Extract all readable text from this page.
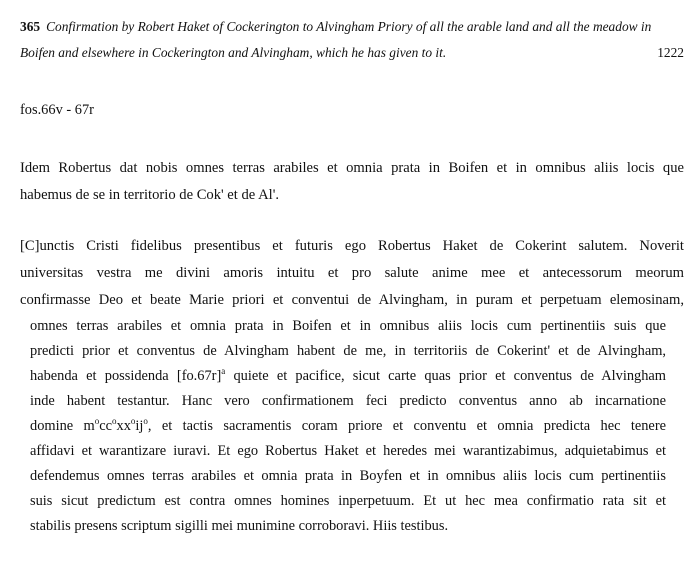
365 Confirmation by Robert Haket of Cockerington to Alvingham Priory of all the arable land and all the meadow in
1222
Boifen and elsewhere in Cockerington and Alvingham, which he has given to it.
fos.66v - 67r
Idem Robertus dat nobis omnes terras arabiles et omnia prata in Boifen et in omnibus aliis locis que
habemus de se in territorio de Cok' et de Al'.
[C]unctis Cristi fidelibus presentibus et futuris ego Robertus Haket de Cokerint salutem. Noverit
universitas vestra me divini amoris intuitu et pro salute anime mee et antecessorum meorum
confirmasse Deo et beate Marie priori et conventui de Alvingham, in puram et perpetuam elemosinam,
omnes terras arabiles et omnia prata in Boifen et in omnibus aliis locis cum pertinentiis suis que
predicti prior et conventus de Alvingham habent de me, in territoriis de Cokerint' et de Alvingham,
habenda et possidenda $[fo.67r]^a$ quiete et pacifice, sicut carte quas prior et conventus de Alvingham
inde habent testantur. Hanc vero confirmationem feci predicto conventus anno ab incarnatione
domine $m^occ^oxx^oij^o$, et tactis sacramentis coram priore et conventu et omnia predicta hec tenere
affidavi et warantizare iuravi. Et ego Robertus Haket et heredes mei warantizabimus, adquietabimus et
defendemus omnes terras arabiles et omnia prata in Boyfen et in omnibus aliis locis cum pertinentiis
suis sicut predictum est contra omnes homines inperpetuum. Et ut hec mea confirmatio rata sit et
stabilis presens scriptum sigilli mei munimine corroboravi. Hiis testibus.
